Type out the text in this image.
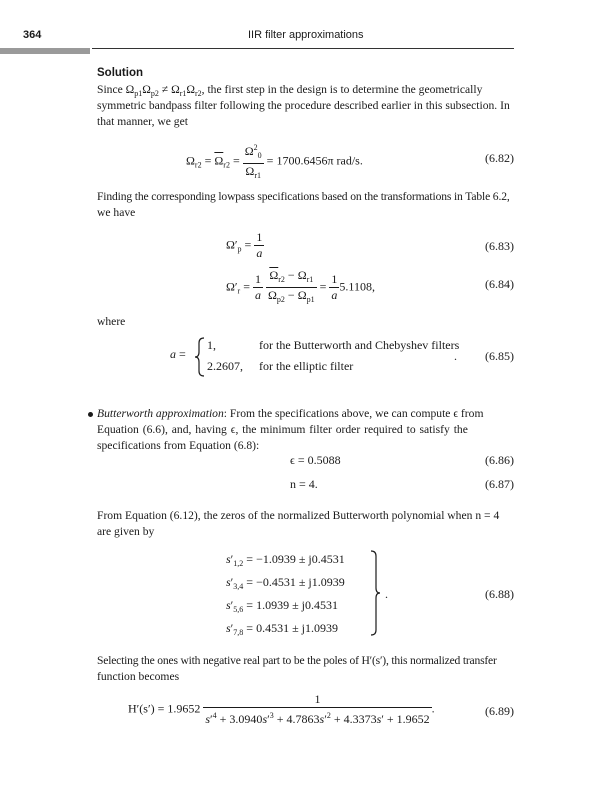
364	IIR filter approximations
Solution
Since $\Omega_{p1}\Omega_{p2} \ne \Omega_{r1}\Omega_{r2}$, the first step in the design is to determine the geometrically
symmetric bandpass filter following the procedure described earlier in this subsection. In
that manner, we get
$\Omega_{r2} = \overline{\Omega}_{r2} = \frac{\Omega^2_0}{\Omega_{r1}} = 1700.6456\pi$ rad/s.	(6.82)
Finding the corresponding lowpass specifications based on the transformations in Table 6.2,
we have
$\Omega'_p = \frac{1}{a}$	(6.83)
$\Omega'_r = \frac{1}{a}$
$\frac{\overline{\Omega}_{r2} - \Omega_{r1}}{\Omega_{p2} - \Omega_{p1}} = \frac{1}{a} 5.1108$,	(6.84)
where
a =
1,	for the Butterworth and Chebyshev filters
2.2607, for the elliptic filter
. (6.85)
Butterworth approximation: From the specifications above, we can compute ϵ from
Equation (6.6), and, having ϵ, the minimum filter order required to satisfy the
specifications from Equation (6.8):
ϵ = 0.5088	(6.86)
n = 4.	(6.87)
From Equation (6.12), the zeros of the normalized Butterworth polynomial when n = 4
are given by
$s'_{1,2} = -1.0939 \pm j0.4531$
$s'_{3,4} = -0.4531 \pm j1.0939$
$s'_{5,6} = 1.0939 \pm j0.4531$
$s'_{7,8} = 0.4531 \pm j1.0939$
.	(6.88)
Selecting the ones with negative real part to be the poles of H′(s′), this normalized transfer
function becomes
$H'(s') = 1.9652 \frac{1}{s'^4 + 3.0940s'^3 + 4.7863s'^2 + 4.3373s' + 1.9652}$ .	(6.89)
